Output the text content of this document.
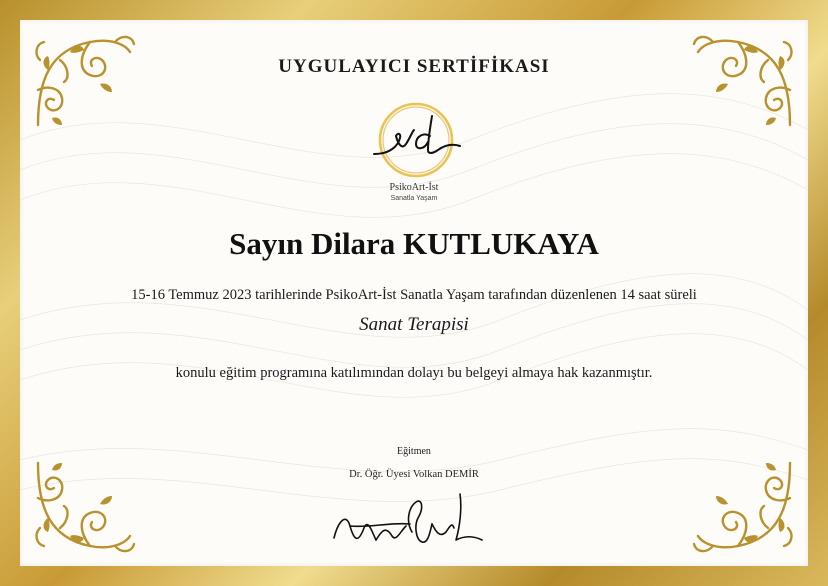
UYGULAYICI SERTİFİKASI
PsikoArt-İst
Sanatla Yaşam
Sayın Dilara KUTLUKAYA
15-16 Temmuz 2023 tarihlerinde PsikoArt-İst Sanatla Yaşam tarafından düzenlenen 14 saat süreli
Sanat Terapisi
konulu eğitim programına katılımından dolayı bu belgeyi almaya hak kazanmıştır.
Eğitmen
Dr. Öğr. Üyesi Volkan DEMİR
